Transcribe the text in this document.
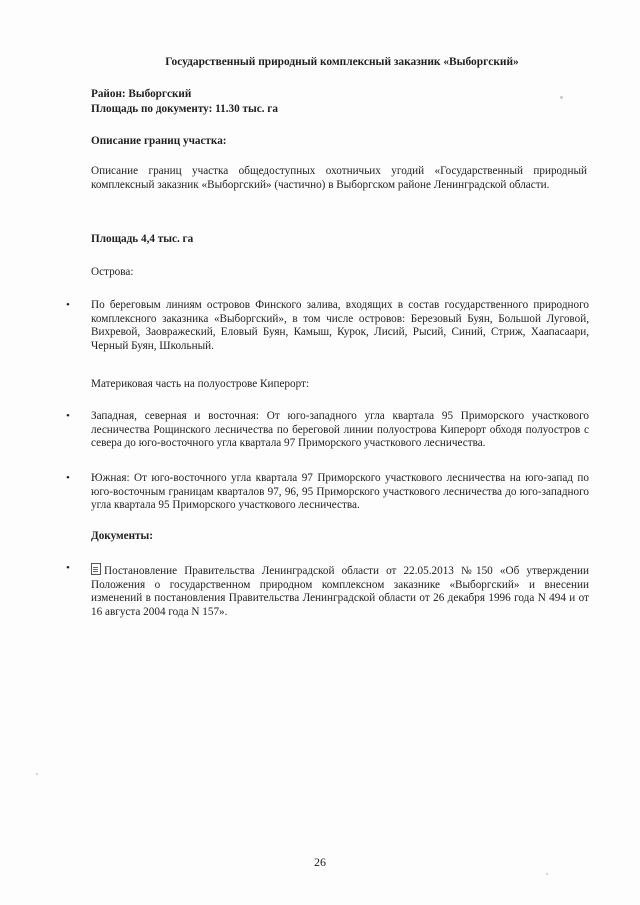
Государственный природный комплексный заказник «Выборгский»

Район: Выборгский

Площадь по документу: 11.30 тыс. га

Описание границ участка:

Описание границ участка общедоступных охотничьих угодий «Государственный природный комплексный заказник «Выборгский» (частично) в Выборгском районе Ленинградской области.

Площадь 4,4 тыс. га

Острова:

• По береговым линиям островов Финского залива, входящих в состав государственного природного комплексного заказника «Выборгский», в том числе островов: Березовый Буян, Большой Луговой, Вихревой, Заовражеский, Еловый Буян, Камыш, Курок, Лисий, Рысий, Синий, Стриж, Хаапасаари, Черный Буян, Школьный.

Материковая часть на полуострове Киперорт:

• Западная, северная и восточная: От юго-западного угла квартала 95 Приморского участкового лесничества Рощинского лесничества по береговой линии полуострова Киперорт обходя полуостров с севера до юго-восточного угла квартала 97 Приморского участкового лесничества.

• Южная: От юго-восточного угла квартала 97 Приморского участкового лесничества на юго-запад по юго-восточным границам кварталов 97, 96, 95 Приморского участкового лесничества до юго-западного угла квартала 95 Приморского участкового лесничества.

Документы:

•	Постановление Правительства Ленинградской области от 22.05.2013 №150 «Об утверждении Положения о государственном природном комплексном заказнике «Выборгский» и внесении изменений в постановления Правительства Ленинградской области от 26 декабря 1996 года N 494 и от 16 августа 2004 года N 157».

26
